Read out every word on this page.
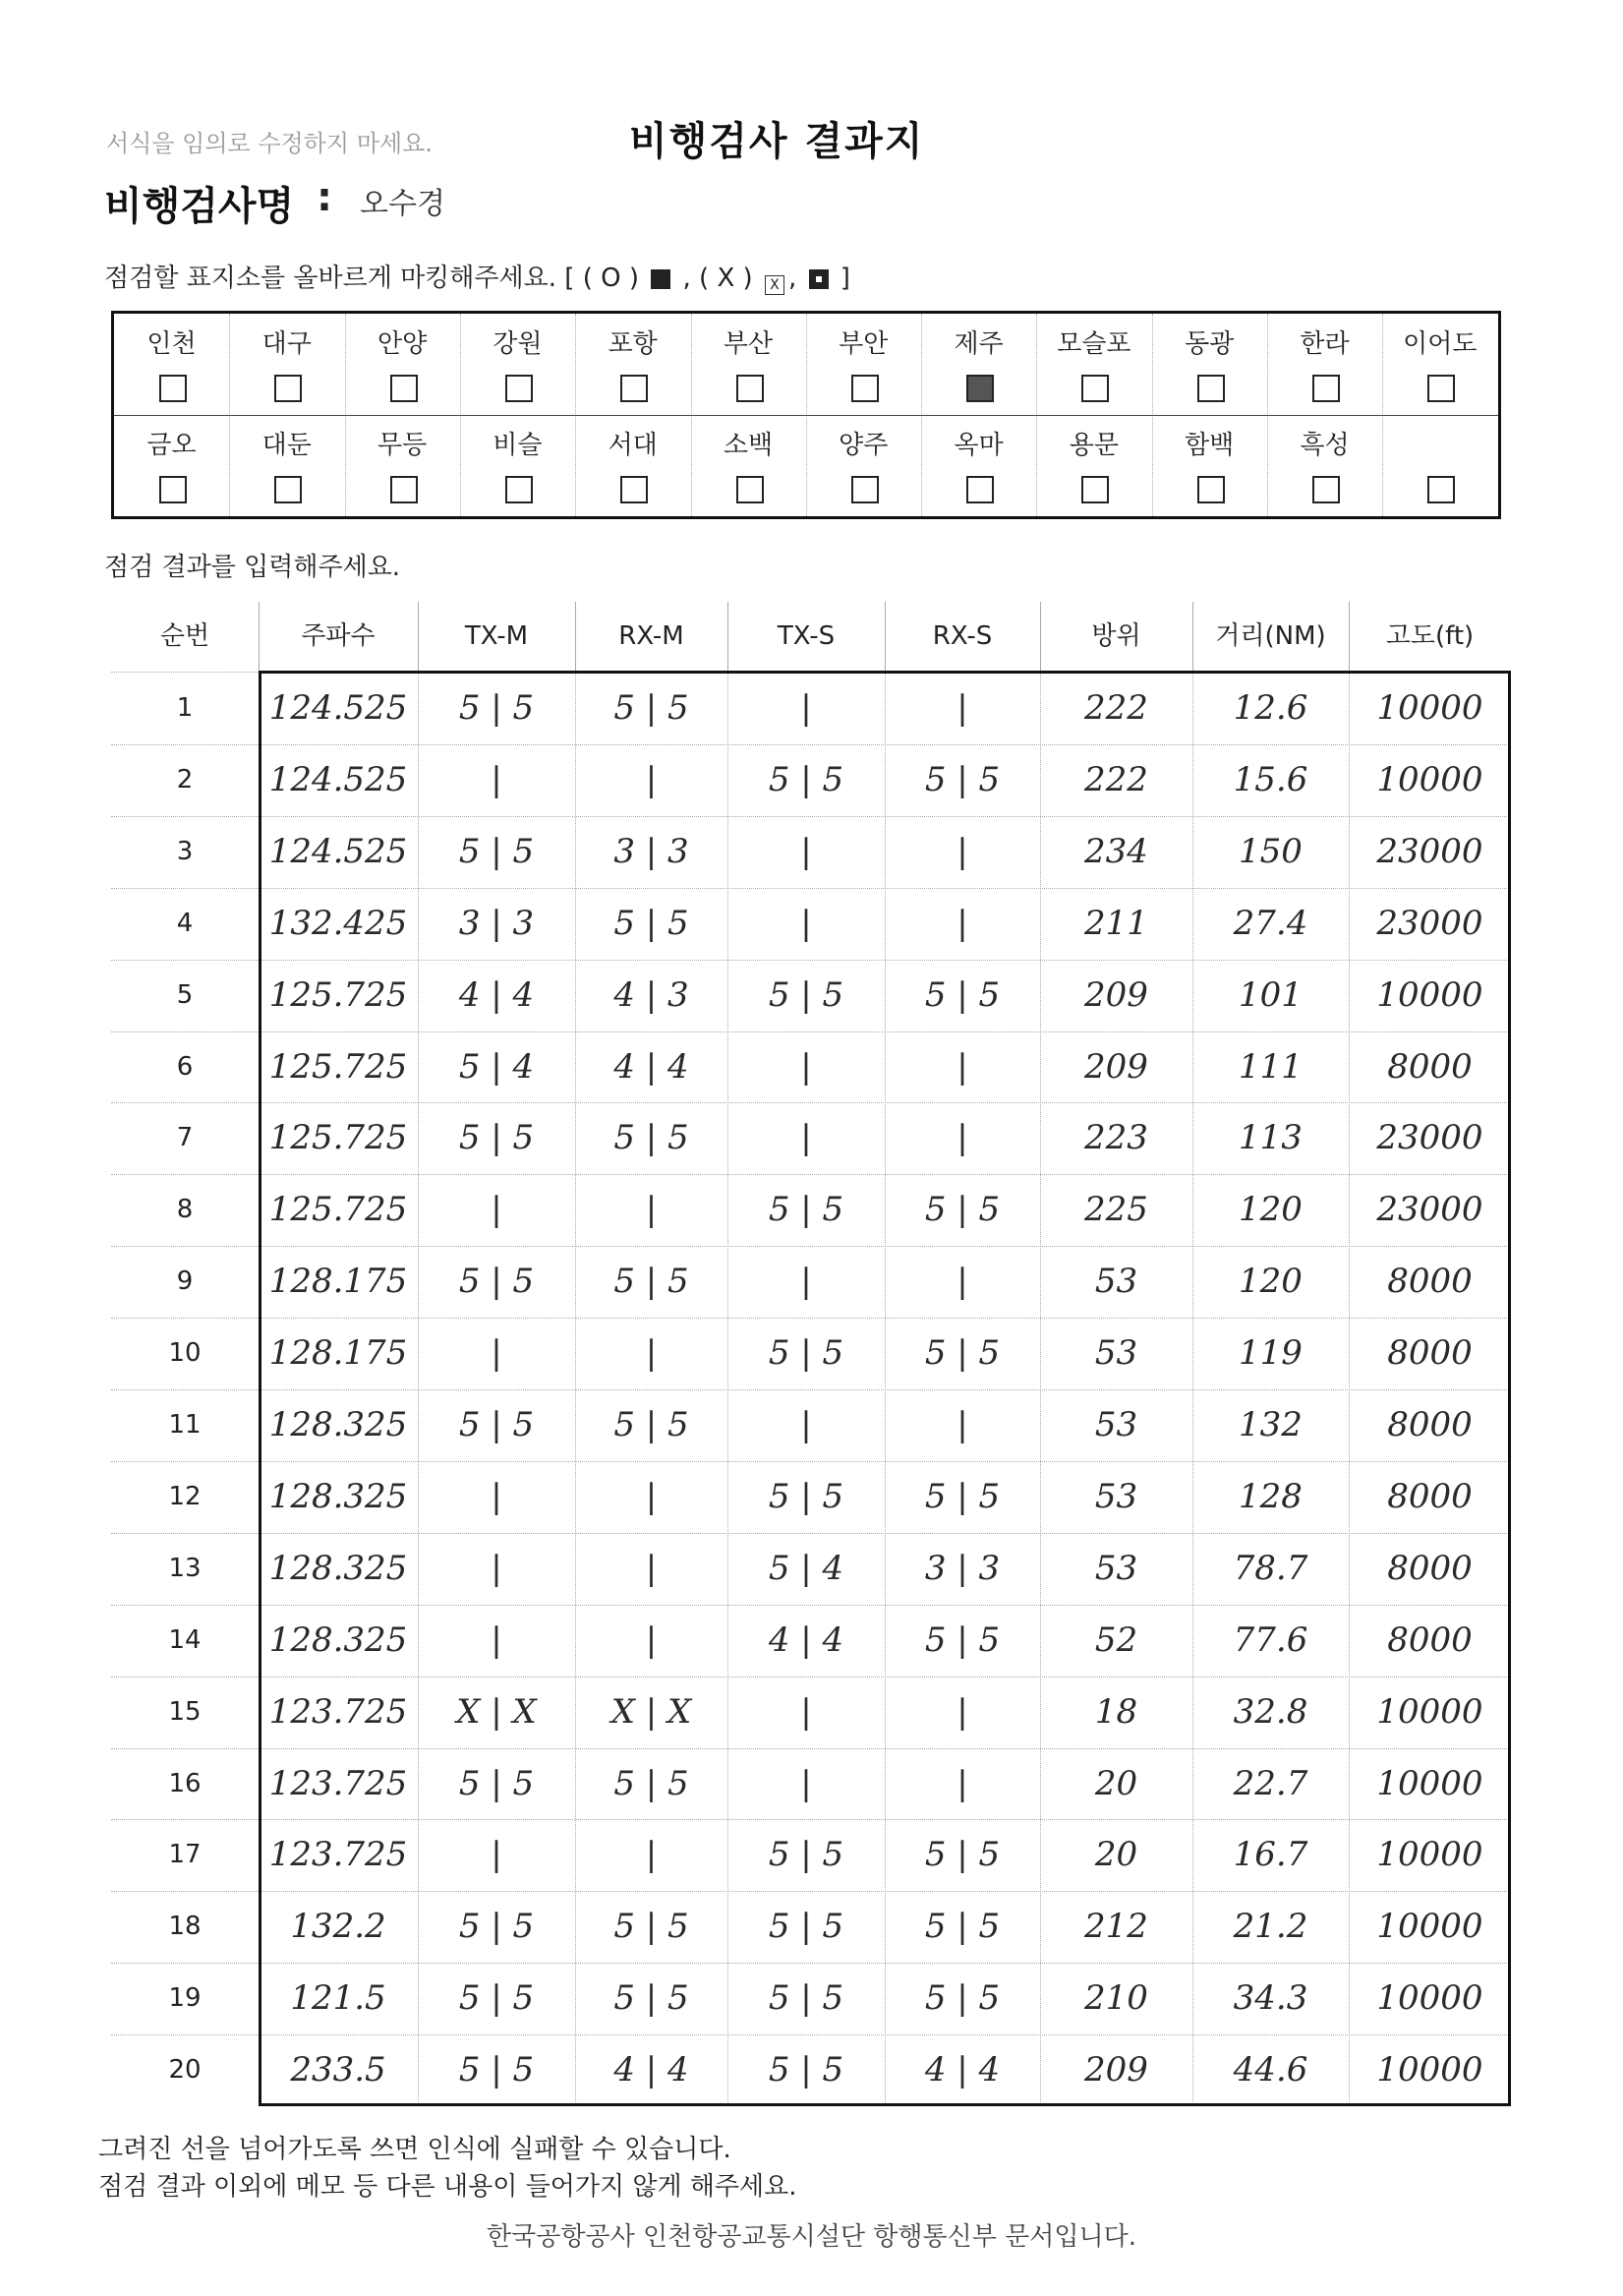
서식을 임의로 수정하지 마세요.	비행검사 결과지
비행검사명 : 오수경
점검할 표지소를 올바르게 마킹해주세요. [ ( O ) , ( X ) X , ]
인천	대구	안양	강원	포항	부산	부안	제주	모슬포	동광	한라	이어도
금오	대둔	무등	비슬	서대	소백	양주	옥마	용문	함백	흑성
점검 결과를 입력해주세요.
순번	주파수	TX-M	RX-M	TX-S	RX-S	방위	거리(NM)	고도(ft)
1	124.525	5 | 5	5 | 5	|	|	222	12.6	10000
2	124.525	|	|	5 | 5	5 | 5	222	15.6	10000
3	124.525	5 | 5	3 | 3	|	|	234	150	23000
4	132.425	3 | 3	5 | 5	|	|	211	27.4	23000
5	125.725	4 | 4	4 | 3	5 | 5	5 | 5	209	101	10000
6	125.725	5 | 4	4 | 4	|	|	209	111	8000
7	125.725	5 | 5	5 | 5	|	|	223	113	23000
8	125.725	|	|	5 | 5	5 | 5	225	120	23000
9	128.175	5 | 5	5 | 5	|	|	53	120	8000
10	128.175	|	|	5 | 5	5 | 5	53	119	8000
11	128.325	5 | 5	5 | 5	|	|	53	132	8000
12	128.325	|	|	5 | 5	5 | 5	53	128	8000
13	128.325	|	|	5 | 4	3 | 3	53	78.7	8000
14	128.325	|	|	4 | 4	5 | 5	52	77.6	8000
15	123.725	X | X	X | X	|	|	18	32.8	10000
16	123.725	5 | 5	5 | 5	|	|	20	22.7	10000
17	123.725	|	|	5 | 5	5 | 5	20	16.7	10000
18	132.2	5 | 5	5 | 5	5 | 5	5 | 5	212	21.2	10000
19	121.5	5 | 5	5 | 5	5 | 5	5 | 5	210	34.3	10000
20	233.5	5 | 5	4 | 4	5 | 5	4 | 4	209	44.6	10000
그려진 선을 넘어가도록 쓰면 인식에 실패할 수 있습니다.
점검 결과 이외에 메모 등 다른 내용이 들어가지 않게 해주세요.
한국공항공사 인천항공교통시설단 항행통신부 문서입니다.
